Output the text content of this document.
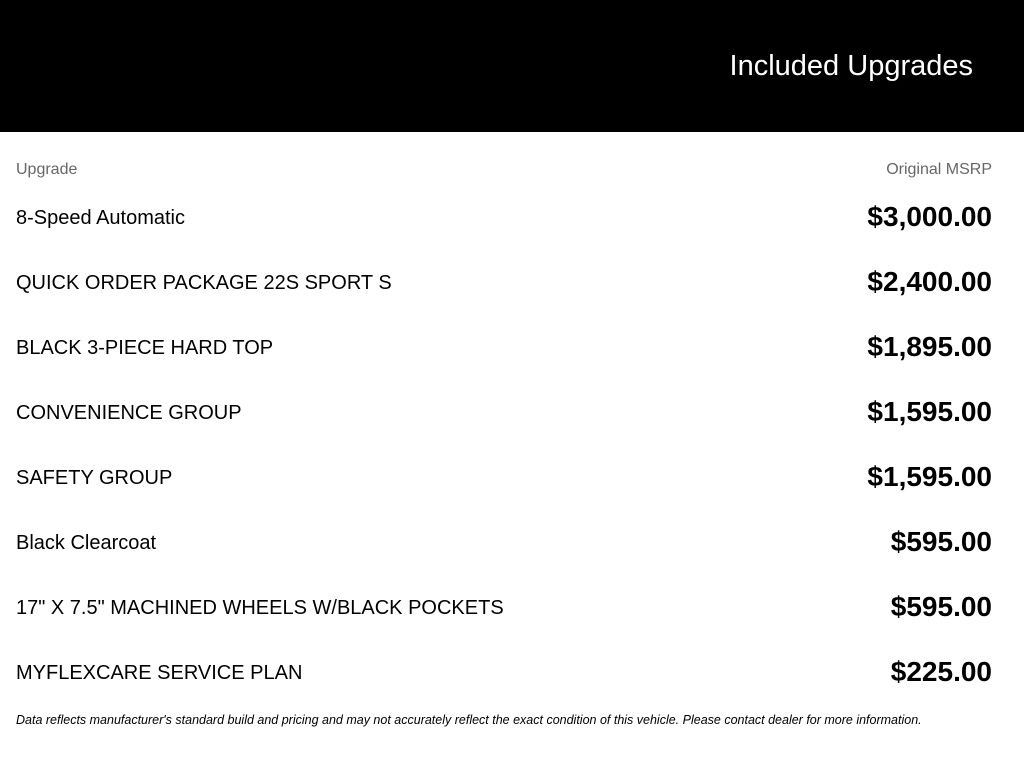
Included Upgrades
Upgrade	Original MSRP
8-Speed Automatic	$3,000.00
QUICK ORDER PACKAGE 22S SPORT S	$2,400.00
BLACK 3-PIECE HARD TOP	$1,895.00
CONVENIENCE GROUP	$1,595.00
SAFETY GROUP	$1,595.00
Black Clearcoat	$595.00
17" X 7.5" MACHINED WHEELS W/BLACK POCKETS	$595.00
MYFLEXCARE SERVICE PLAN	$225.00
Data reflects manufacturer's standard build and pricing and may not accurately reflect the exact condition of this vehicle. Please contact dealer for more information.
